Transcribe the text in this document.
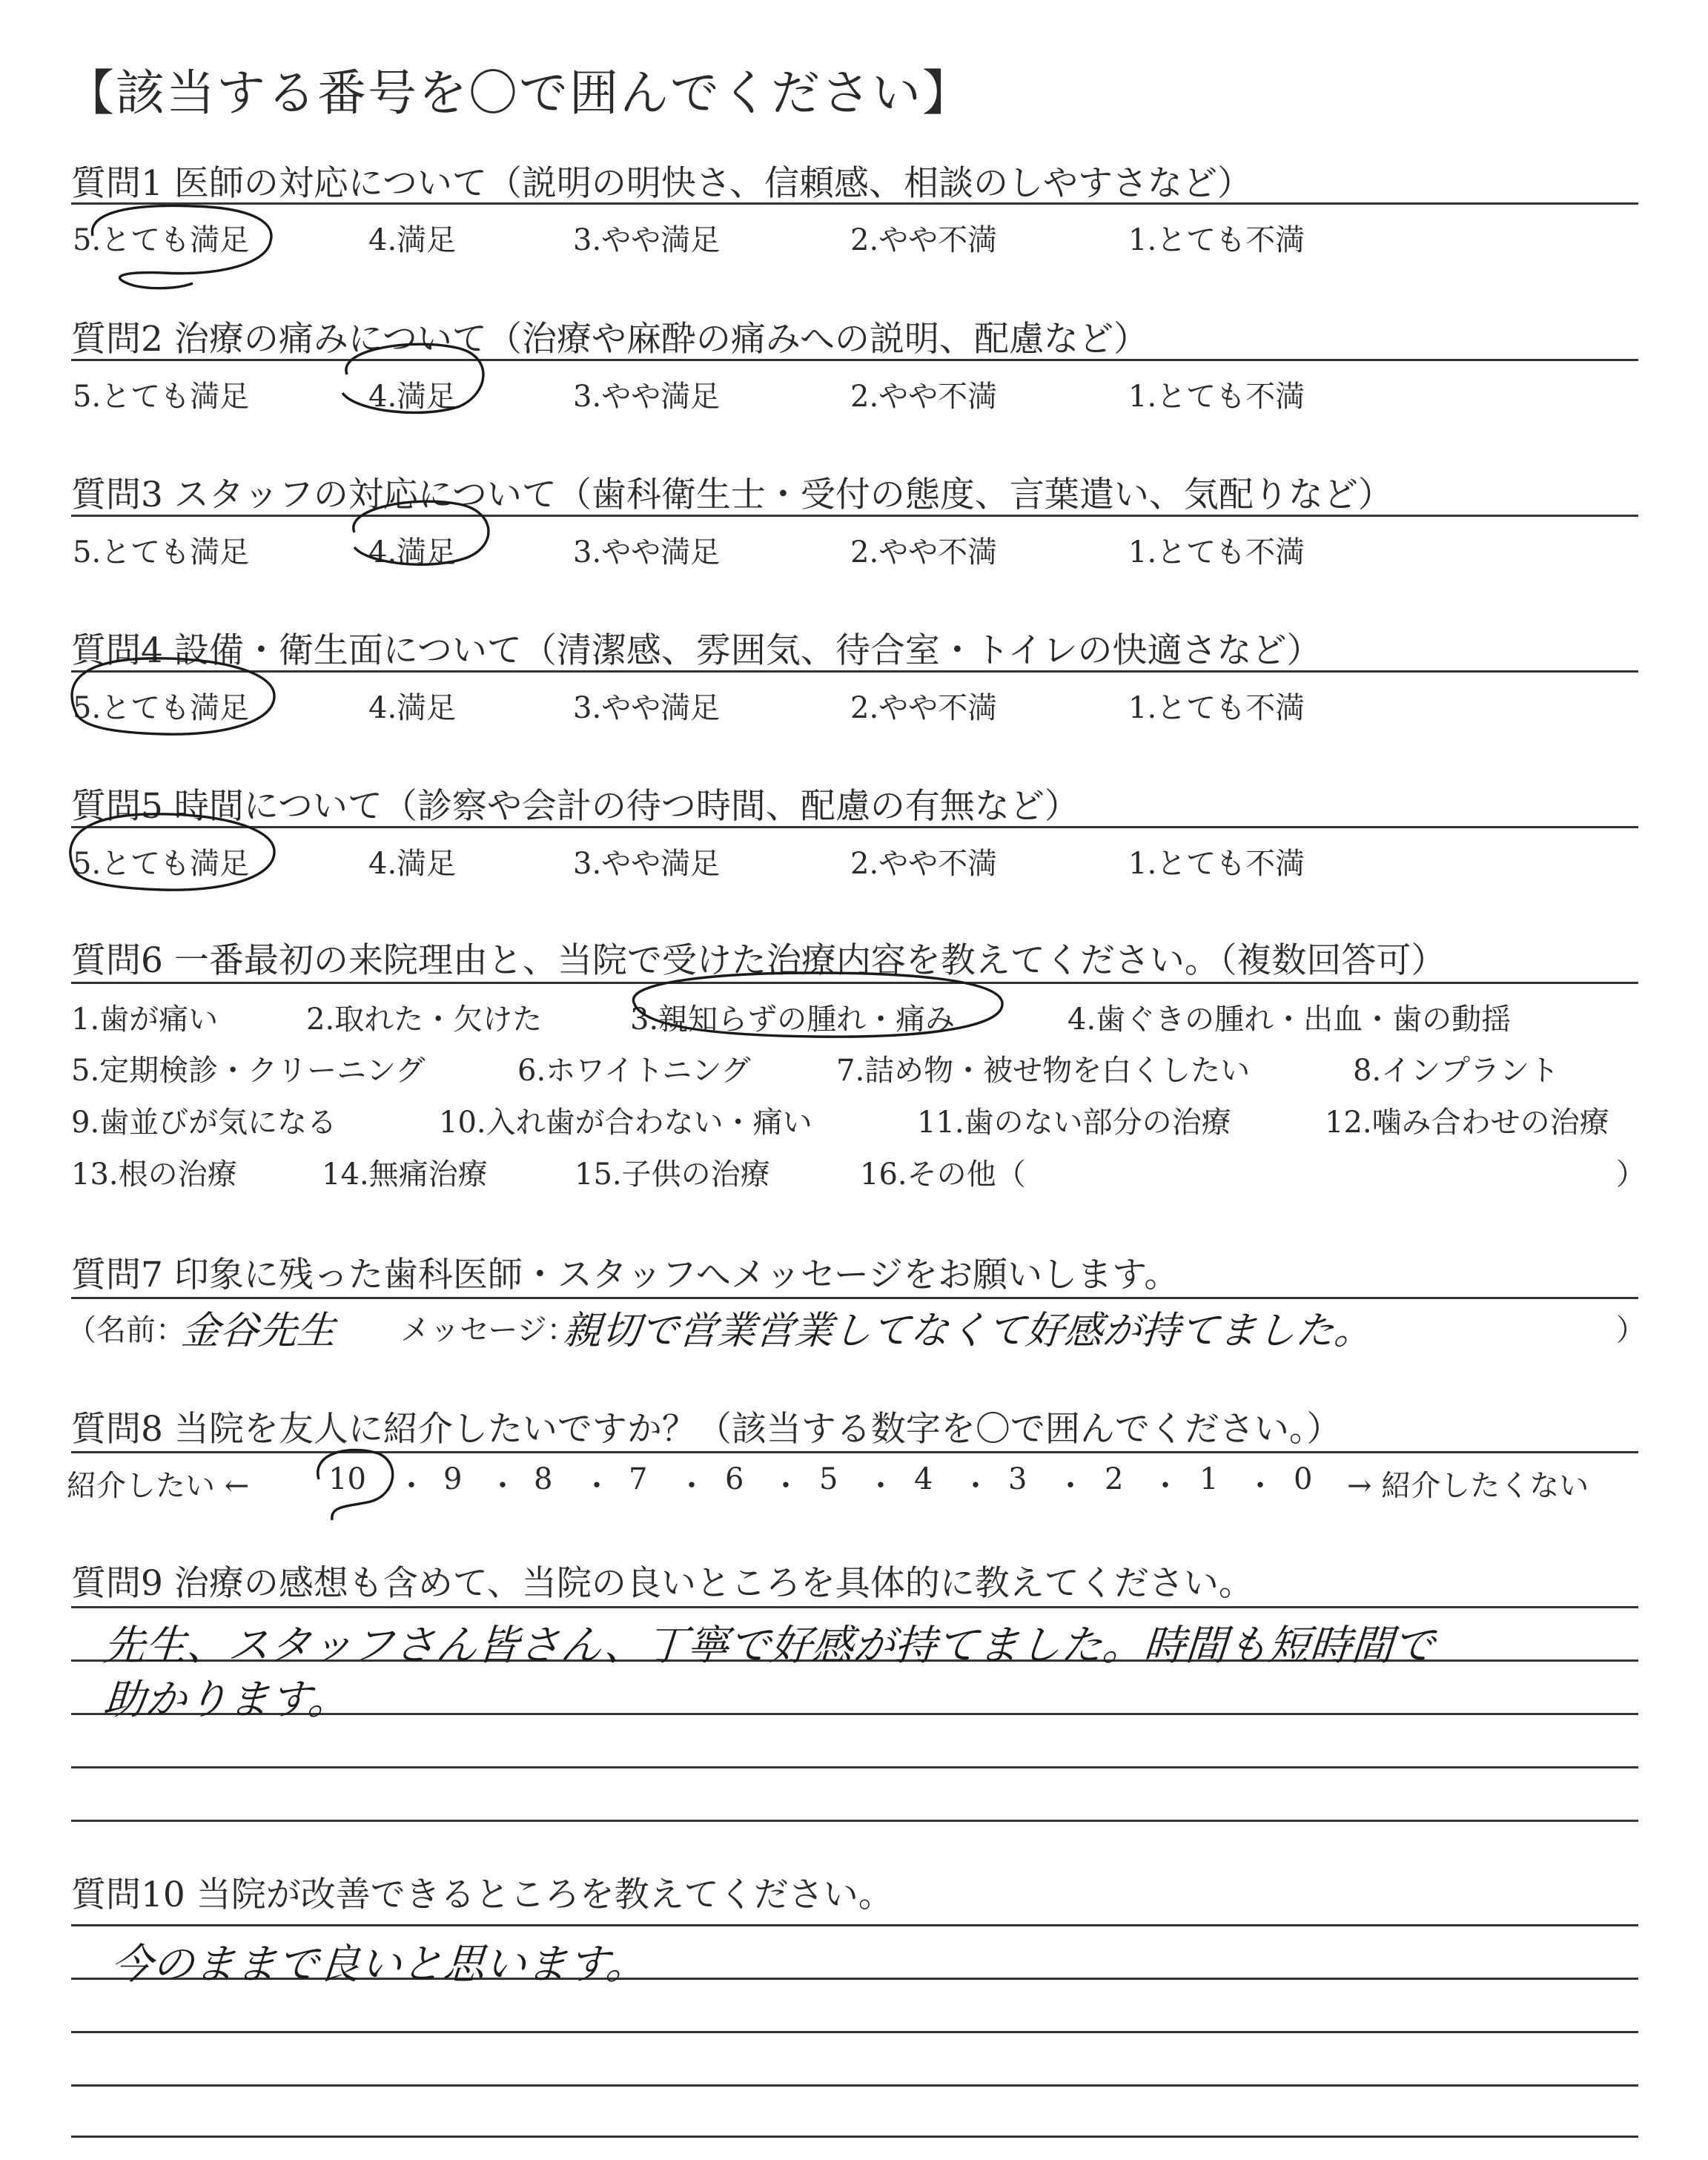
【該当する番号を〇で囲んでください】
質問1 医師の対応について（説明の明快さ、信頼感、相談のしやすさなど）
5.とても満足	4.満足	3.やや満足	2.やや不満	1.とても不満
質問2 治療の痛みについて（治療や麻酔の痛みへの説明、配慮など）
5.とても満足	4.満足	3.やや満足	2.やや不満	1.とても不満
質問3 スタッフの対応について（歯科衛生士・受付の態度、言葉遣い、気配りなど）
5.とても満足	4.満足	3.やや満足	2.やや不満	1.とても不満
質問4 設備・衛生面について（清潔感、雰囲気、待合室・トイレの快適さなど）
5.とても満足	4.満足	3.やや満足	2.やや不満	1.とても不満
質問5 時間について（診察や会計の待つ時間、配慮の有無など）
5.とても満足	4.満足	3.やや満足	2.やや不満	1.とても不満
質問6 一番最初の来院理由と、当院で受けた治療内容を教えてください。（複数回答可）
1.歯が痛い	2.取れた・欠けた	3.親知らずの腫れ・痛み	4.歯ぐきの腫れ・出血・歯の動揺
5.定期検診・クリーニング	6.ホワイトニング	7.詰め物・被せ物を白くしたい	8.インプラント
9.歯並びが気になる	10.入れ歯が合わない・痛い	11.歯のない部分の治療	12.噛み合わせの治療
13.根の治療	14.無痛治療	15.子供の治療	16.その他（	）
質問7 印象に残った歯科医師・スタッフへメッセージをお願いします。
（名前：
金谷先生 メッセージ：
親切で営業営業してなくて好感が持てました。	）
質問8 当院を友人に紹介したいですか？（該当する数字を〇で囲んでください。）
紹介したい ←	10	9 8	7	6	5	4	3	2	1	0 → 紹介したくない
・ ・ ・ ・ ・ ・ ・ ・ ・ ・
質問9 治療の感想も含めて、当院の良いところを具体的に教えてください。
先生、スタッフさん皆さん、丁寧で好感が持てました。時間も短時間で
助かります。
質問10 当院が改善できるところを教えてください。
今のままで良いと思います。
